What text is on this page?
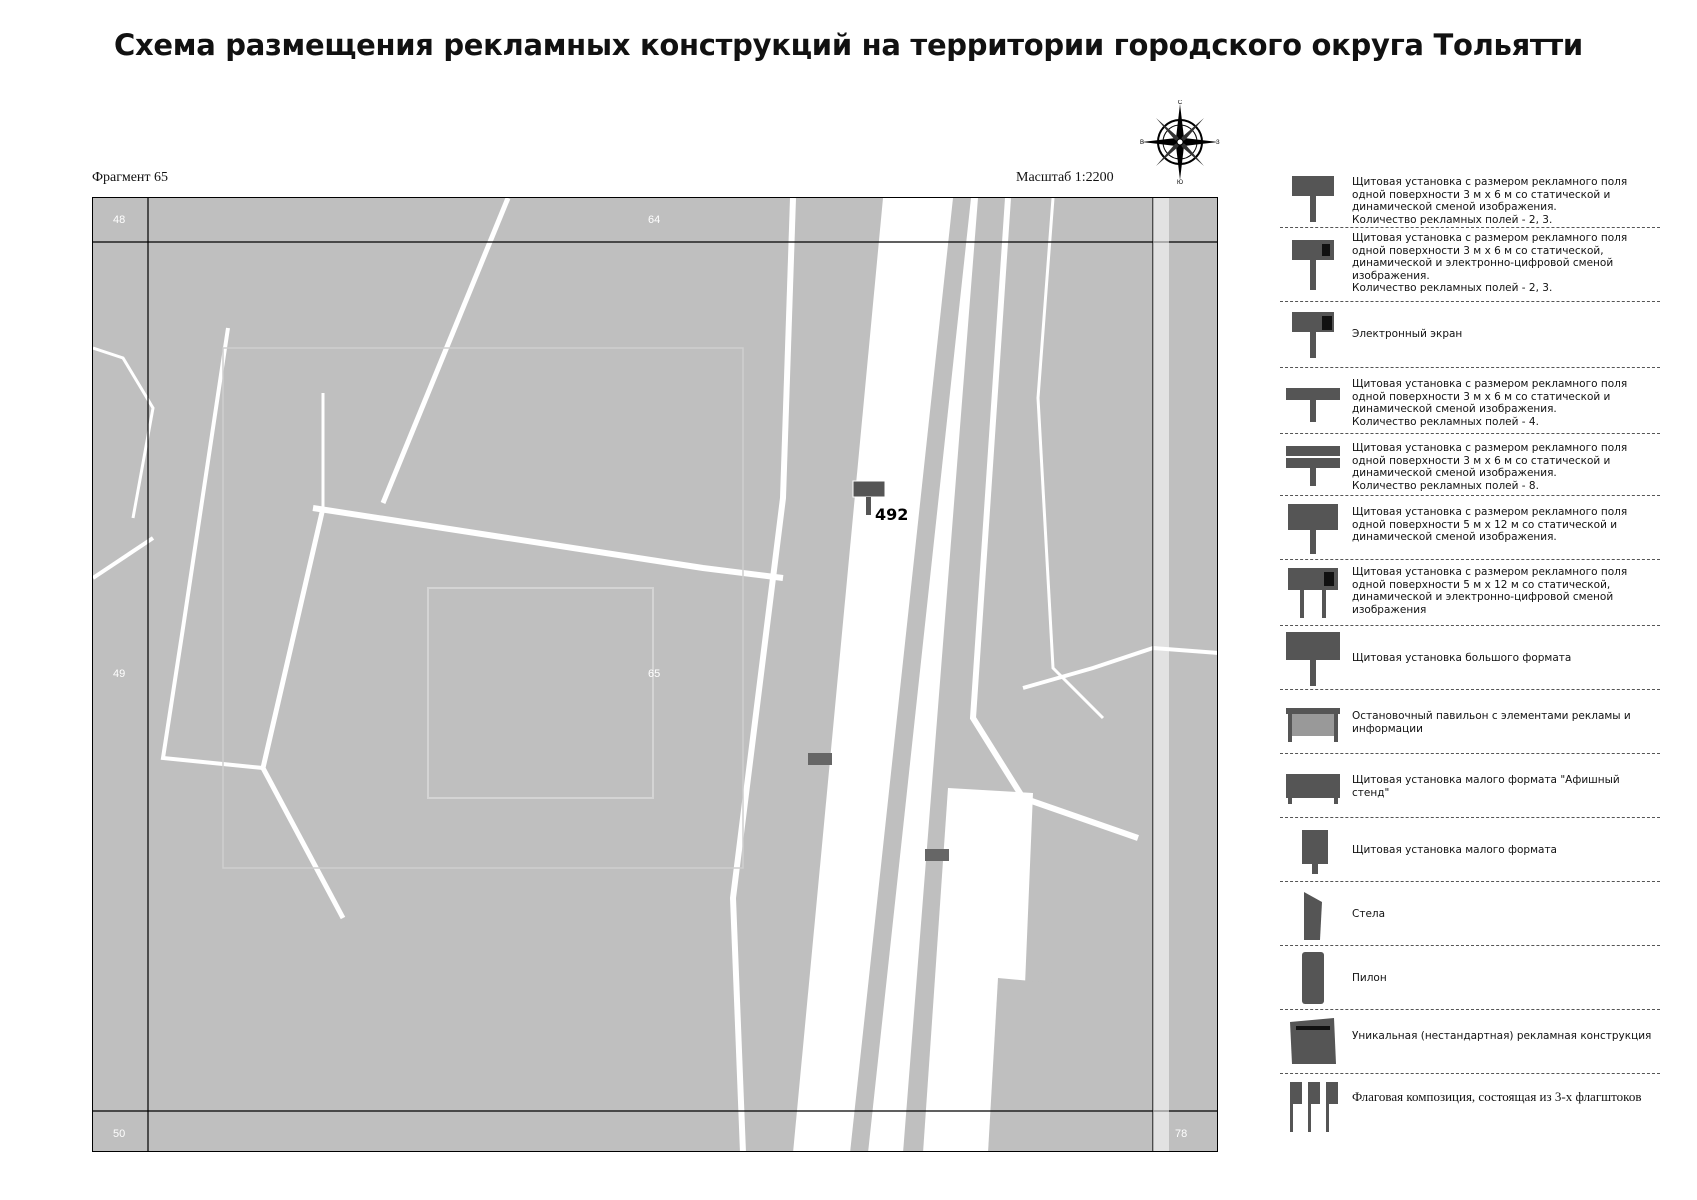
Схема размещения рекламных конструкций на территории городского округа Тольятти
Фрагмент 65	Масштаб 1:2200
С
Ю
В	З
48	64
49	65
50	78
492
Щитовая установка с размером рекламного поля одной поверхности 3 м х 6 м со статической и динамической сменой изображения.
Количество рекламных полей - 2, 3.
Щитовая установка с размером рекламного поля одной поверхности 3 м х 6 м со статической, динамической и электронно-цифровой сменой изображения.
Количество рекламных полей - 2, 3.
Электронный экран
Щитовая установка с размером рекламного поля одной поверхности 3 м х 6 м со статической и динамической сменой изображения.
Количество рекламных полей - 4.
Щитовая установка с размером рекламного поля одной поверхности 3 м х 6 м со статической и динамической сменой изображения.
Количество рекламных полей - 8.
Щитовая установка с размером рекламного поля одной поверхности 5 м х 12 м со статической и динамической сменой изображения.
Щитовая установка с размером рекламного поля одной поверхности 5 м х 12 м со статической, динамической и электронно-цифровой сменой изображения
Щитовая установка большого формата
Остановочный павильон с элементами рекламы и информации
Щитовая установка малого формата "Афишный стенд"
Щитовая установка малого формата
Стела
Пилон
Уникальная (нестандартная) рекламная конструкция
Флаговая композиция, состоящая из 3-х флагштоков
